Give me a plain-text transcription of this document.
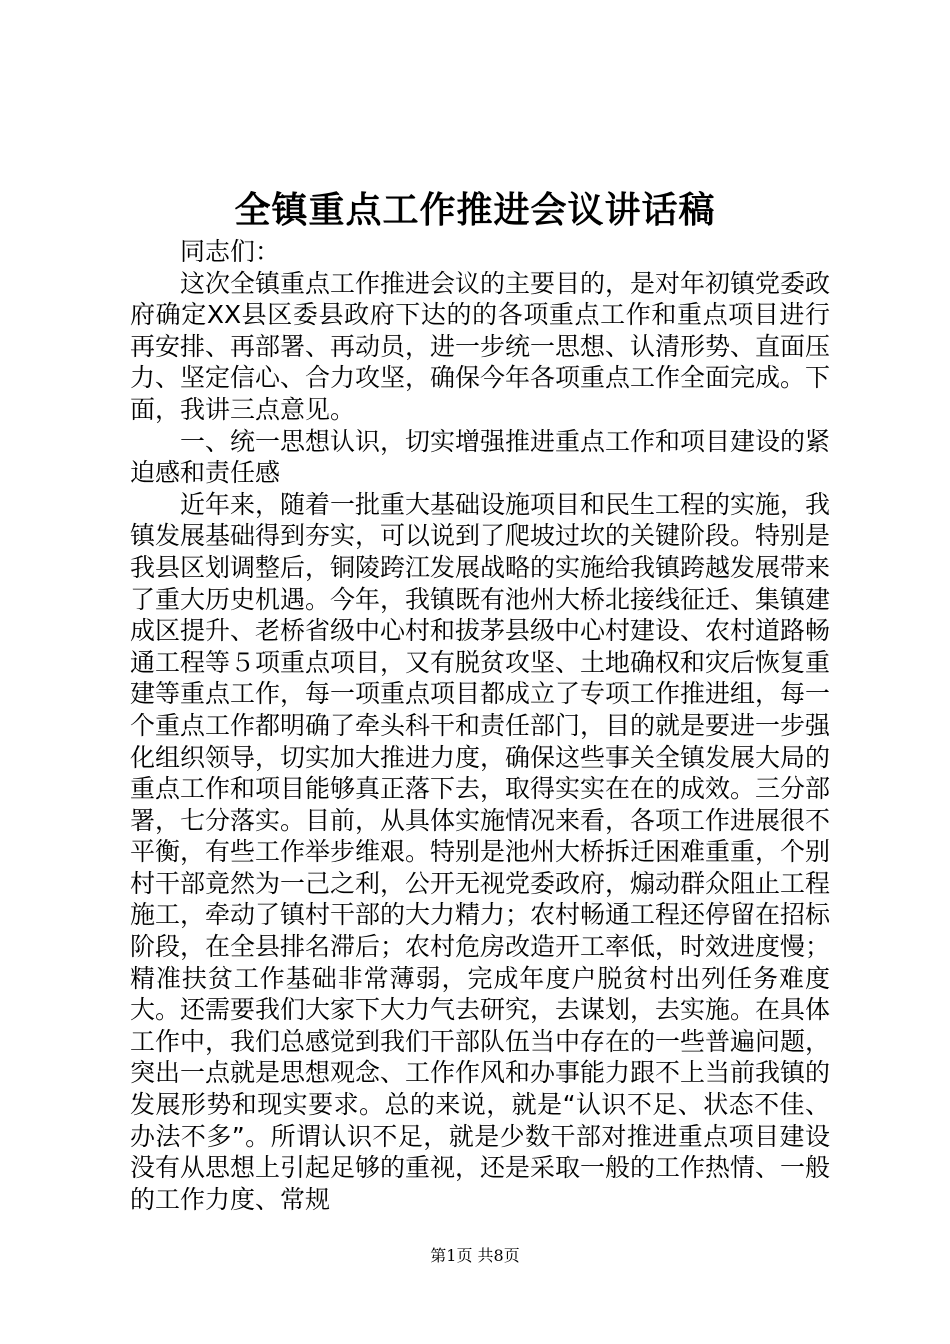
全镇重点工作推进会议讲话稿

同志们：

这次全镇重点工作推进会议的主要目的，是对年初镇党委政府确定XX县区委县政府下达的的各项重点工作和重点项目进行再安排、再部署、再动员，进一步统一思想、认清形势、直面压力、坚定信心、合力攻坚，确保今年各项重点工作全面完成。下面，我讲三点意见。

一、统一思想认识，切实增强推进重点工作和项目建设的紧迫感和责任感

近年来，随着一批重大基础设施项目和民生工程的实施，我镇发展基础得到夯实，可以说到了爬坡过坎的关键阶段。特别是我县区划调整后，铜陵跨江发展战略的实施给我镇跨越发展带来了重大历史机遇。今年，我镇既有池州大桥北接线征迁、集镇建成区提升、老桥省级中心村和拔茅县级中心村建设、农村道路畅通工程等５项重点项目，又有脱贫攻坚、土地确权和灾后恢复重建等重点工作，每一项重点项目都成立了专项工作推进组，每一个重点工作都明确了牵头科干和责任部门，目的就是要进一步强化组织领导，切实加大推进力度，确保这些事关全镇发展大局的重点工作和项目能够真正落下去，取得实实在在的成效。三分部署，七分落实。目前，从具体实施情况来看，各项工作进展很不平衡，有些工作举步维艰。特别是池州大桥拆迁困难重重，个别村干部竟然为一己之利，公开无视党委政府，煽动群众阻止工程施工，牵动了镇村干部的大力精力；农村畅通工程还停留在招标阶段，在全县排名滞后；农村危房改造开工率低，时效进度慢；精准扶贫工作基础非常薄弱，完成年度户脱贫村出列任务难度大。还需要我们大家下大力气去研究，去谋划，去实施。在具体工作中，我们总感觉到我们干部队伍当中存在的一些普遍问题，突出一点就是思想观念、工作作风和办事能力跟不上当前我镇的发展形势和现实要求。总的来说，就是“认识不足、状态不佳、办法不多”。所谓认识不足，就是少数干部对推进重点项目建设没有从思想上引起足够的重视，还是采取一般的工作热情、一般的工作力度、常规

第1页 共8页
